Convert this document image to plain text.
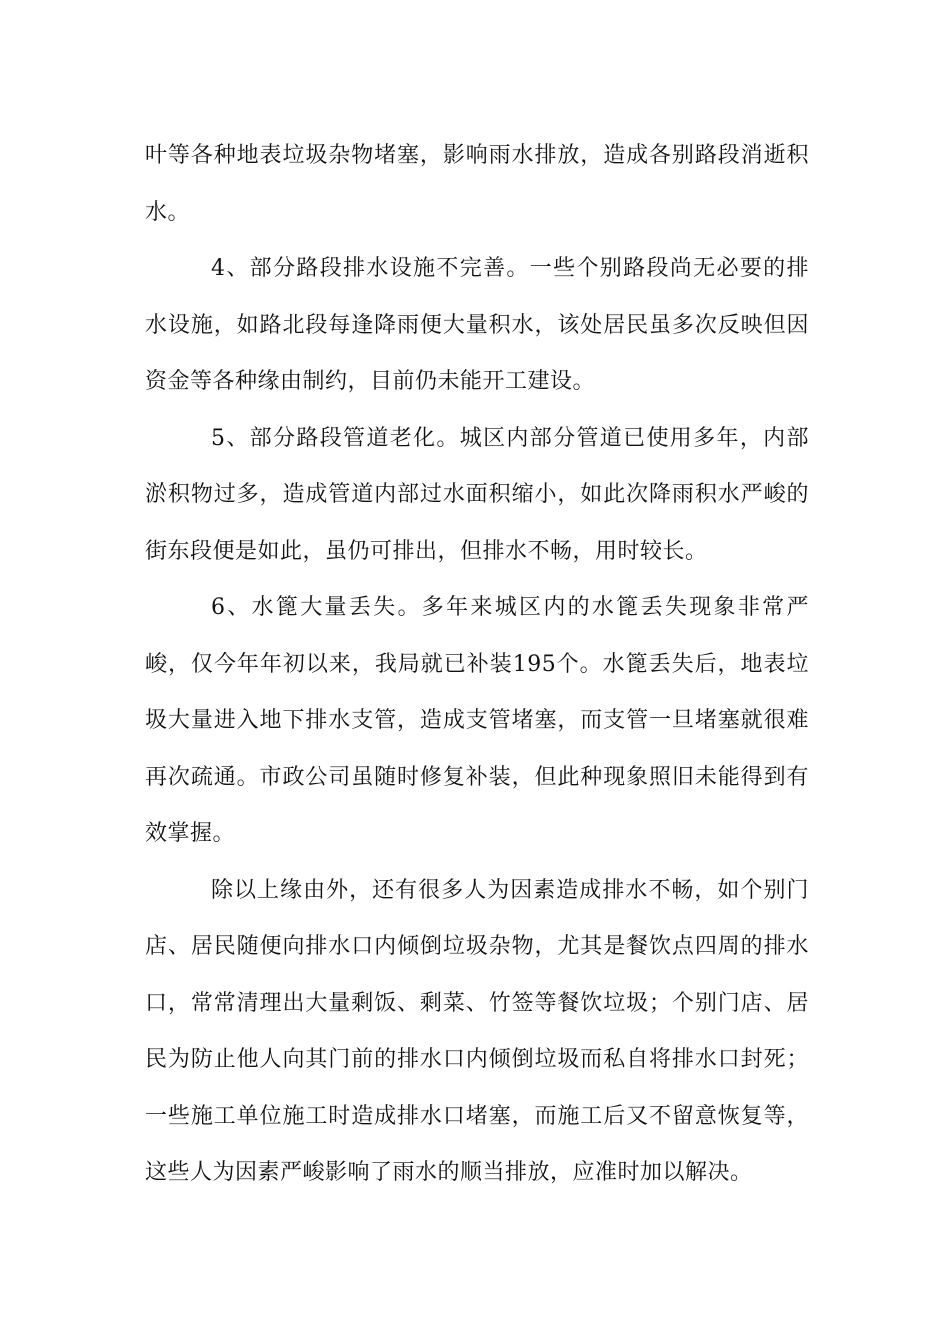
叶等各种地表垃圾杂物堵塞，影响雨水排放，造成各别路段消逝积水。

4、部分路段排水设施不完善。一些个别路段尚无必要的排水设施，如路北段每逢降雨便大量积水，该处居民虽多次反映但因资金等各种缘由制约，目前仍未能开工建设。

5、部分路段管道老化。城区内部分管道已使用多年，内部淤积物过多，造成管道内部过水面积缩小，如此次降雨积水严峻的街东段便是如此，虽仍可排出，但排水不畅，用时较长。

6、水篦大量丢失。多年来城区内的水篦丢失现象非常严峻，仅今年年初以来，我局就已补装195个。水篦丢失后，地表垃圾大量进入地下排水支管，造成支管堵塞，而支管一旦堵塞就很难再次疏通。市政公司虽随时修复补装，但此种现象照旧未能得到有效掌握。

除以上缘由外，还有很多人为因素造成排水不畅，如个别门店、居民随便向排水口内倾倒垃圾杂物，尤其是餐饮点四周的排水口，常常清理出大量剩饭、剩菜、竹签等餐饮垃圾；个别门店、居民为防止他人向其门前的排水口内倾倒垃圾而私自将排水口封死；一些施工单位施工时造成排水口堵塞，而施工后又不留意恢复等，这些人为因素严峻影响了雨水的顺当排放，应准时加以解决。
